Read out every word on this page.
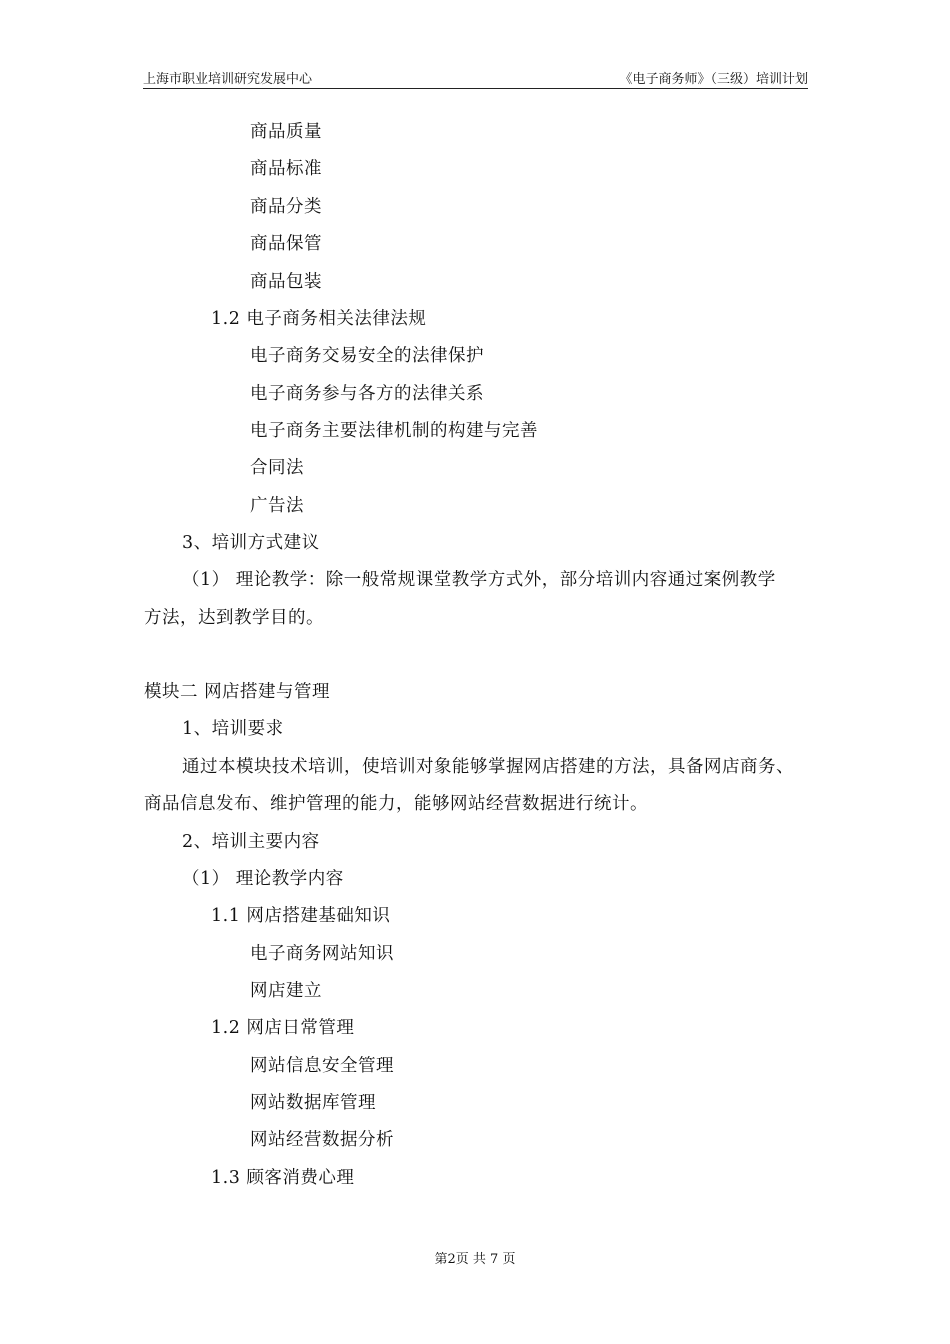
上海市职业培训研究发展中心	《电子商务师》（三级）培训计划
商品质量
商品标准
商品分类
商品保管
商品包装
1.2 电子商务相关法律法规
电子商务交易安全的法律保护
电子商务参与各方的法律关系
电子商务主要法律机制的构建与完善
合同法
广告法
3、培训方式建议
（1） 理论教学：除一般常规课堂教学方式外，部分培训内容通过案例教学
方法，达到教学目的。
模块二 网店搭建与管理
1、培训要求
通过本模块技术培训，使培训对象能够掌握网店搭建的方法，具备网店商务、
商品信息发布、维护管理的能力，能够网站经营数据进行统计。
2、培训主要内容
（1） 理论教学内容
1.1 网店搭建基础知识
电子商务网站知识
网店建立
1.2 网店日常管理
网站信息安全管理
网站数据库管理
网站经营数据分析
1.3 顾客消费心理
第2页 共 7 页
